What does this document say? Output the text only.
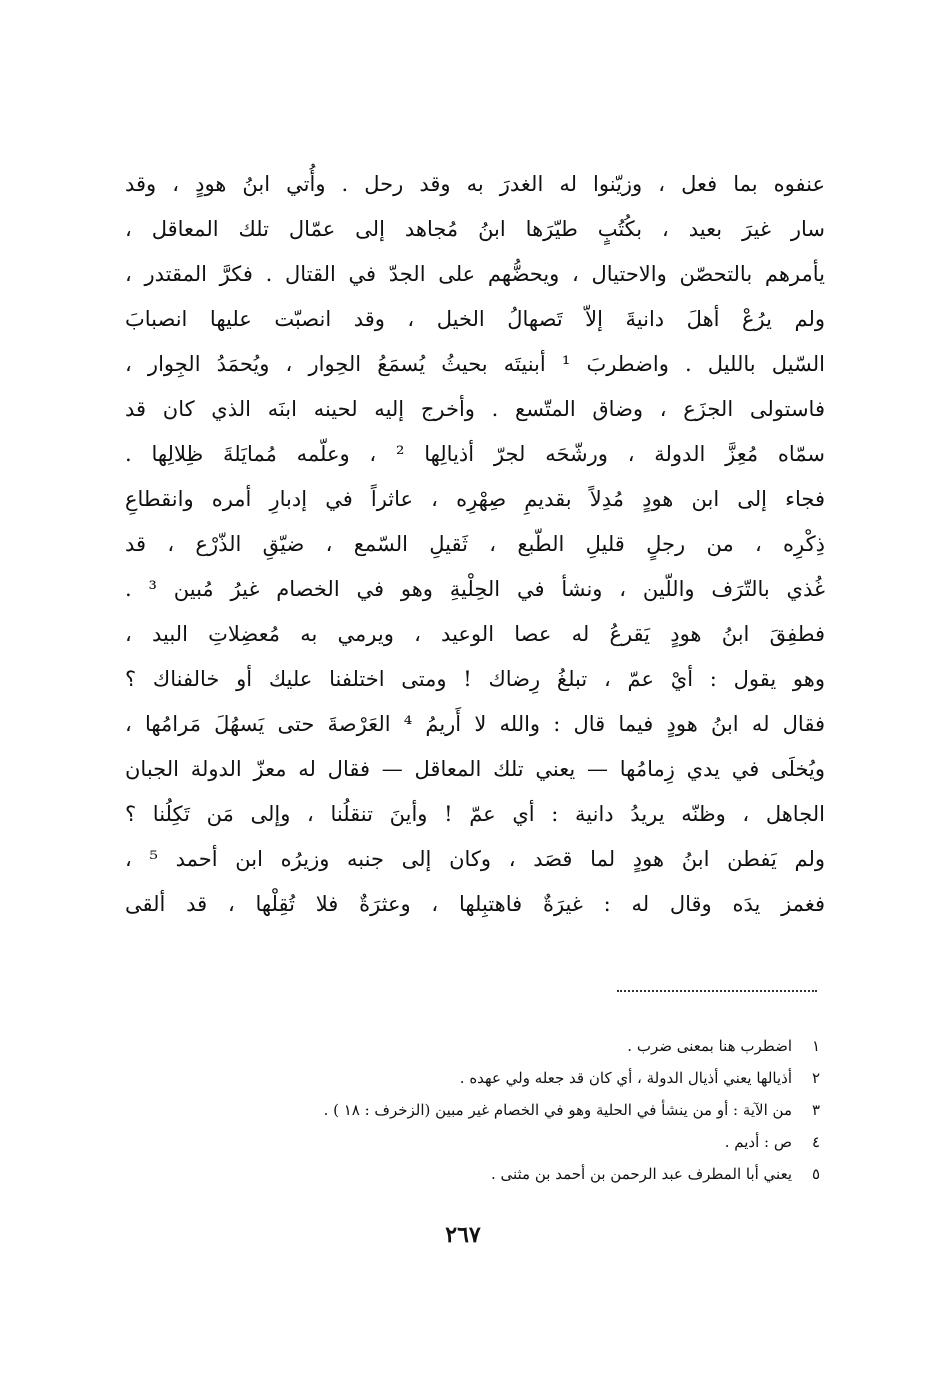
عنفوه بما فعل ، وزيّنوا له الغدرَ به وقد رحل . وأُتي ابنُ هودٍ ، وقد
سار غيرَ بعيد ، بكُتُبٍ طيّرَها ابنُ مُجاهد إلى عمّال تلك المعاقل ،
يأمرهم بالتحصّن والاحتيال ، ويحضُّهم على الجدّ في القتال . فكرَّ المقتدر ،
ولم يرُعْ أهلَ دانيةَ إلاّ تَصهالُ الخيل ، وقد انصبّت عليها انصبابَ
السّيل بالليل . واضطربَ ¹ أبنيتَه بحيثُ يُسمَعُ الحِوار ، ويُحمَدُ الجِوار ،
فاستولى الجزَع ، وضاق المتّسع . وأخرج إليه لحينه ابنَه الذي كان قد
سمّاه مُعِزَّ الدولة ، ورشّحَه لجرّ أذيالِها ² ، وعلّمه مُمايَلةَ ظِلالِها .
فجاء إلى ابن هودٍ مُدِلاً بقديمِ صِهْرِه ، عاثراً في إدبارِ أمره وانقطاعِ
ذِكْرِه ، من رجلٍ قليلِ الطّبع ، ثَقيلِ السّمع ، ضيّقِ الذّرْع ، قد
غُذي بالتّرَف واللّين ، ونشأ في الحِلْيةِ وهو في الخصام غيرُ مُبين ³ .
فطفِقَ ابنُ هودٍ يَقرعُ له عصا الوعيد ، ويرمي به مُعضِلاتِ البيد ،
وهو يقول : أيْ عمّ ، تبلغُ رِضاك ! ومتى اختلفنا عليك أو خالفناك ؟
فقال له ابنُ هودٍ فيما قال : والله لا أَريمُ ⁴ العَرْصةَ حتى يَسهُلَ مَرامُها ،
ويُخلَى في يدي زِمامُها — يعني تلك المعاقل — فقال له معزّ الدولة الجبان
الجاهل ، وظنّه يريدُ دانية : أي عمّ ! وأينَ تنقلُنا ، وإلى مَن تَكِلُنا ؟
ولم يَفطن ابنُ هودٍ لما قصَد ، وكان إلى جنبه وزيرُه ابن أحمد ⁵ ،
فغمز يدَه وقال له : غيرَةٌ فاهتبِلها ، وعثرَةٌ فلا تُقِلْها ، قد ألقى
١اضطرب هنا بمعنى ضرب .
٢أذيالها يعني أذيال الدولة ، أي كان قد جعله ولي عهده .
٣من الآية : أو من ينشأ في الحلية وهو في الخصام غير مبين (الزخرف : ١٨ ) .
٤ص : أديم .
٥يعني أبا المطرف عبد الرحمن بن أحمد بن مثنى .
٢٦٧
